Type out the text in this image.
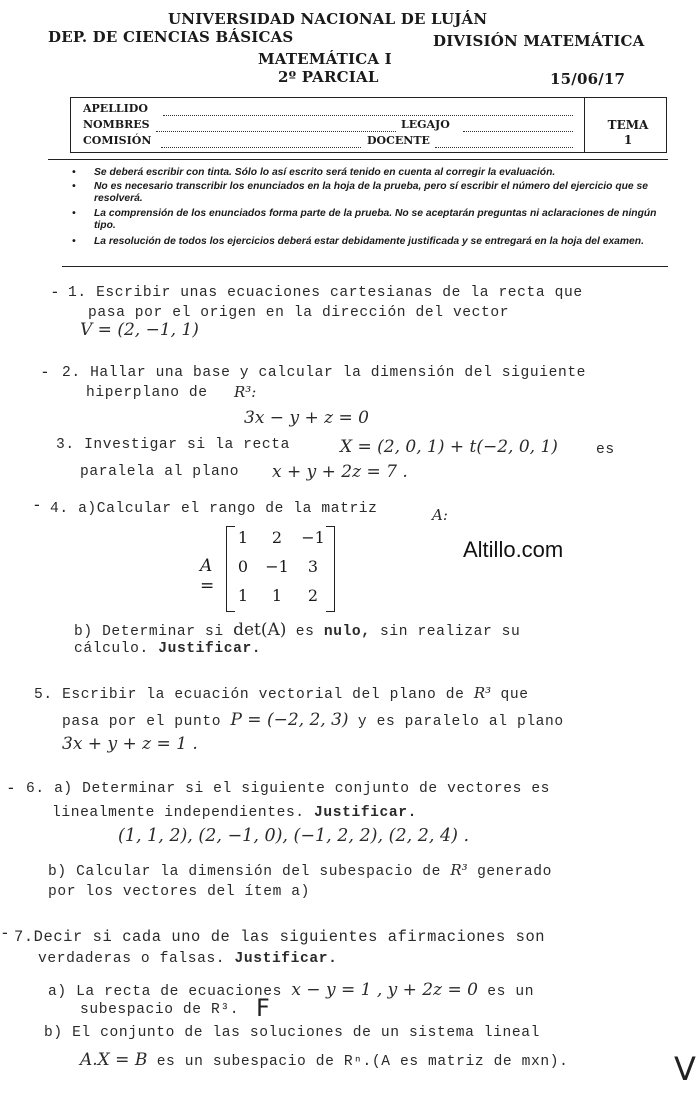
UNIVERSIDAD NACIONAL DE LUJÁN
DEP. DE CIENCIAS BÁSICAS	DIVISIÓN MATEMÁTICA
MATEMÁTICA I
2º PARCIAL	15/06/17
APELLIDO
NOMBRES	LEGAJO
COMISIÓN	DOCENTE
TEMA
1
• Se deberá escribir con tinta. Sólo lo así escrito será tenido en cuenta al corregir la evaluación.
• No es necesario transcribir los enunciados en la hoja de la prueba, pero sí escribir el número del ejercicio que se resolverá.
• La comprensión de los enunciados forma parte de la prueba. No se aceptarán preguntas ni aclaraciones de ningún tipo.
• La resolución de todos los ejercicios deberá estar debidamente justificada y se entregará en la hoja del examen.
- 1. Escribir unas ecuaciones cartesianas de la recta que
pasa por el origen en la dirección del vector
V = (2, −1, 1)
- 2. Hallar una base y calcular la dimensión del siguiente
hiperplano de R³:
3x − y + z = 0
3. Investigar si la recta	X = (2, 0, 1) + t(−2, 0, 1)	es
paralela al plano x + y + 2z = 7 .
- 4. a)Calcular el rango de la matriz	A:
A =
1	2	−1
0	−1	3
1	1	2
Altillo.com
b) Determinar si det(A) es nulo, sin realizar su
cálculo. Justificar.
5. Escribir la ecuación vectorial del plano de R³ que
pasa por el punto P = (−2, 2, 3) y es paralelo al plano
3x + y + z = 1 .
- 6. a) Determinar si el siguiente conjunto de vectores es
linealmente independientes. Justificar.
(1, 1, 2), (2, −1, 0), (−1, 2, 2), (2, 2, 4) .
b) Calcular la dimensión del subespacio de R³ generado
por los vectores del ítem a)
- 7.Decir si cada uno de las siguientes afirmaciones son
verdaderas o falsas. Justificar.
a) La recta de ecuaciones x − y = 1 , y + 2z = 0 es un
subespacio de R³. F
b) El conjunto de las soluciones de un sistema lineal
A.X = B es un subespacio de Rⁿ.(A es matriz de mxn).	V
